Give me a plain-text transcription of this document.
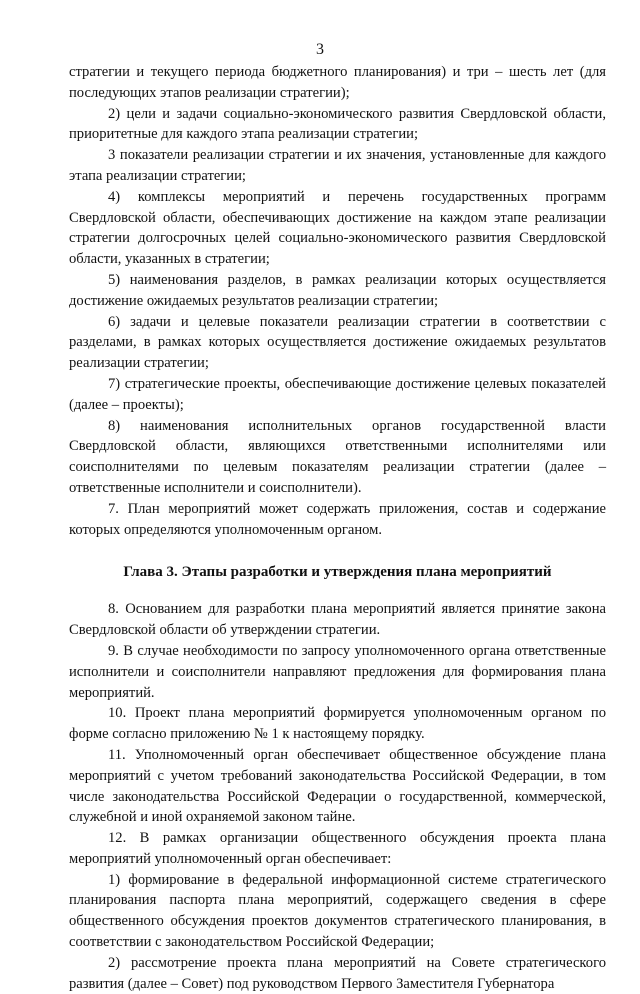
3

стратегии и текущего периода бюджетного планирования) и три – шесть лет (для последующих этапов реализации стратегии);

2) цели и задачи социально-экономического развития Свердловской области, приоритетные для каждого этапа реализации стратегии;

3 показатели реализации стратегии и их значения, установленные для каждого этапа реализации стратегии;

4) комплексы мероприятий и перечень государственных программ Свердловской области, обеспечивающих достижение на каждом этапе реализации стратегии долгосрочных целей социально-экономического развития Свердловской области, указанных в стратегии;

5) наименования разделов, в рамках реализации которых осуществляется достижение ожидаемых результатов реализации стратегии;

6) задачи и целевые показатели реализации стратегии в соответствии с разделами, в рамках которых осуществляется достижение ожидаемых результатов реализации стратегии;

7) стратегические проекты, обеспечивающие достижение целевых показателей (далее – проекты);

8) наименования исполнительных органов государственной власти Свердловской области, являющихся ответственными исполнителями или соисполнителями по целевым показателям реализации стратегии (далее – ответственные исполнители и соисполнители).

7. План мероприятий может содержать приложения, состав и содержание которых определяются уполномоченным органом.

Глава 3. Этапы разработки и утверждения плана мероприятий

8. Основанием для разработки плана мероприятий является принятие закона Свердловской области об утверждении стратегии.

9. В случае необходимости по запросу уполномоченного органа ответственные исполнители и соисполнители направляют предложения для формирования плана мероприятий.

10. Проект плана мероприятий формируется уполномоченным органом по форме согласно приложению № 1 к настоящему порядку.

11. Уполномоченный орган обеспечивает общественное обсуждение плана мероприятий с учетом требований законодательства Российской Федерации, в том числе законодательства Российской Федерации о государственной, коммерческой, служебной и иной охраняемой законом тайне.

12. В рамках организации общественного обсуждения проекта плана мероприятий уполномоченный орган обеспечивает:

1) формирование в федеральной информационной системе стратегического планирования паспорта плана мероприятий, содержащего сведения в сфере общественного обсуждения проектов документов стратегического планирования, в соответствии с законодательством Российской Федерации;

2) рассмотрение проекта плана мероприятий на Совете стратегического развития (далее – Совет) под руководством Первого Заместителя Губернатора
